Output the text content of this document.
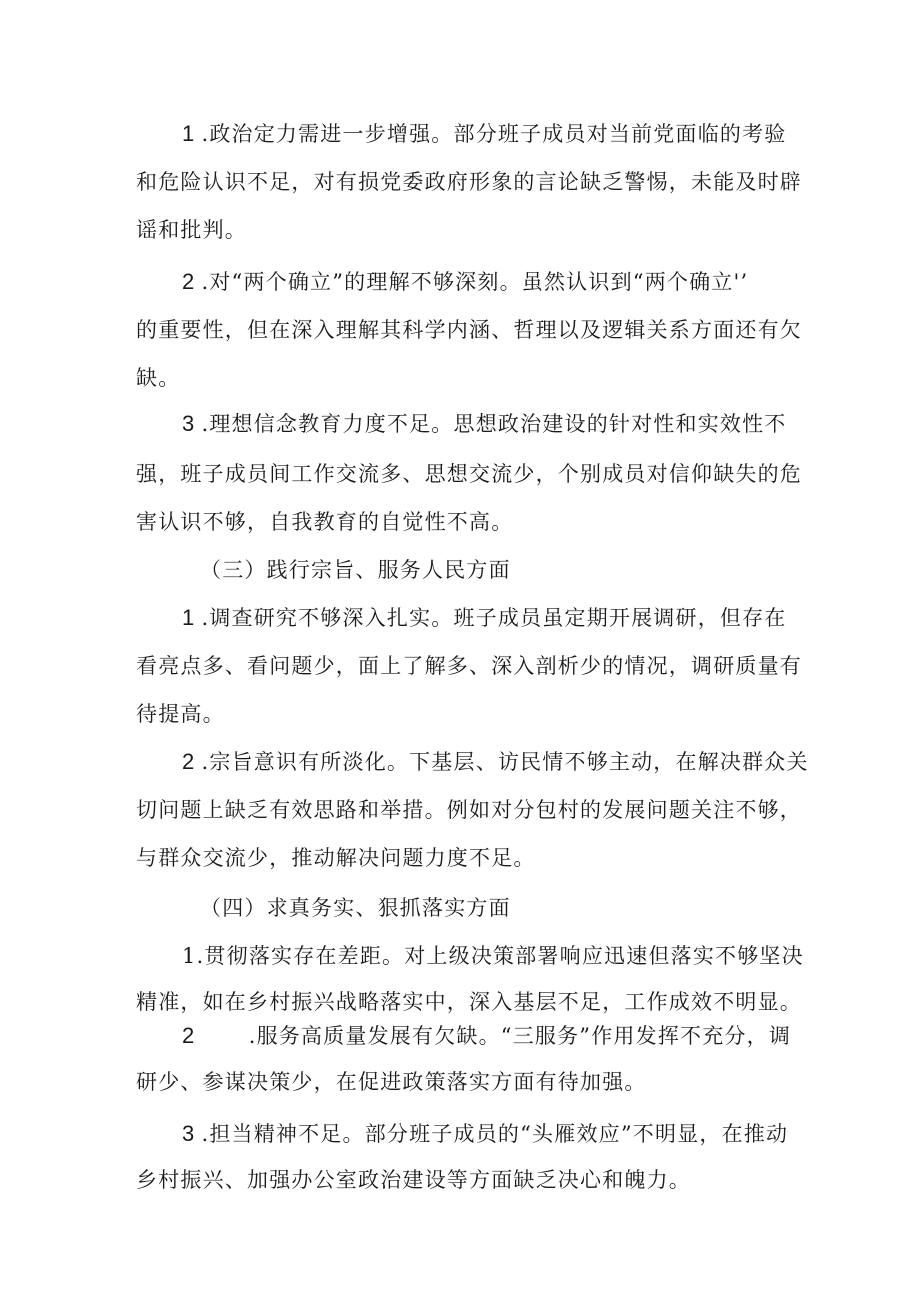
1 .政治定力需进一步增强。部分班子成员对当前党面临的考验
和危险认识不足，对有损党委政府形象的言论缺乏警惕，未能及时辟
谣和批判。
2 .对“两个确立”的理解不够深刻。虽然认识到“两个确立'’
的重要性，但在深入理解其科学内涵、哲理以及逻辑关系方面还有欠
缺。
3 .理想信念教育力度不足。思想政治建设的针对性和实效性不
强，班子成员间工作交流多、思想交流少，个别成员对信仰缺失的危
害认识不够，自我教育的自觉性不高。
（三）践行宗旨、服务人民方面
1 .调查研究不够深入扎实。班子成员虽定期开展调研，但存在
看亮点多、看问题少，面上了解多、深入剖析少的情况，调研质量有
待提高。
2 .宗旨意识有所淡化。下基层、访民情不够主动，在解决群众关
切问题上缺乏有效思路和举措。例如对分包村的发展问题关注不够，
与群众交流少，推动解决问题力度不足。
（四）求真务实、狠抓落实方面
1.贯彻落实存在差距。对上级决策部署响应迅速但落实不够坚决
精准，如在乡村振兴战略落实中，深入基层不足，工作成效不明显。
2      .服务高质量发展有欠缺。“三服务”作用发挥不充分，调
研少、参谋决策少，在促进政策落实方面有待加强。
3 .担当精神不足。部分班子成员的“头雁效应”不明显，在推动
乡村振兴、加强办公室政治建设等方面缺乏决心和魄力。
